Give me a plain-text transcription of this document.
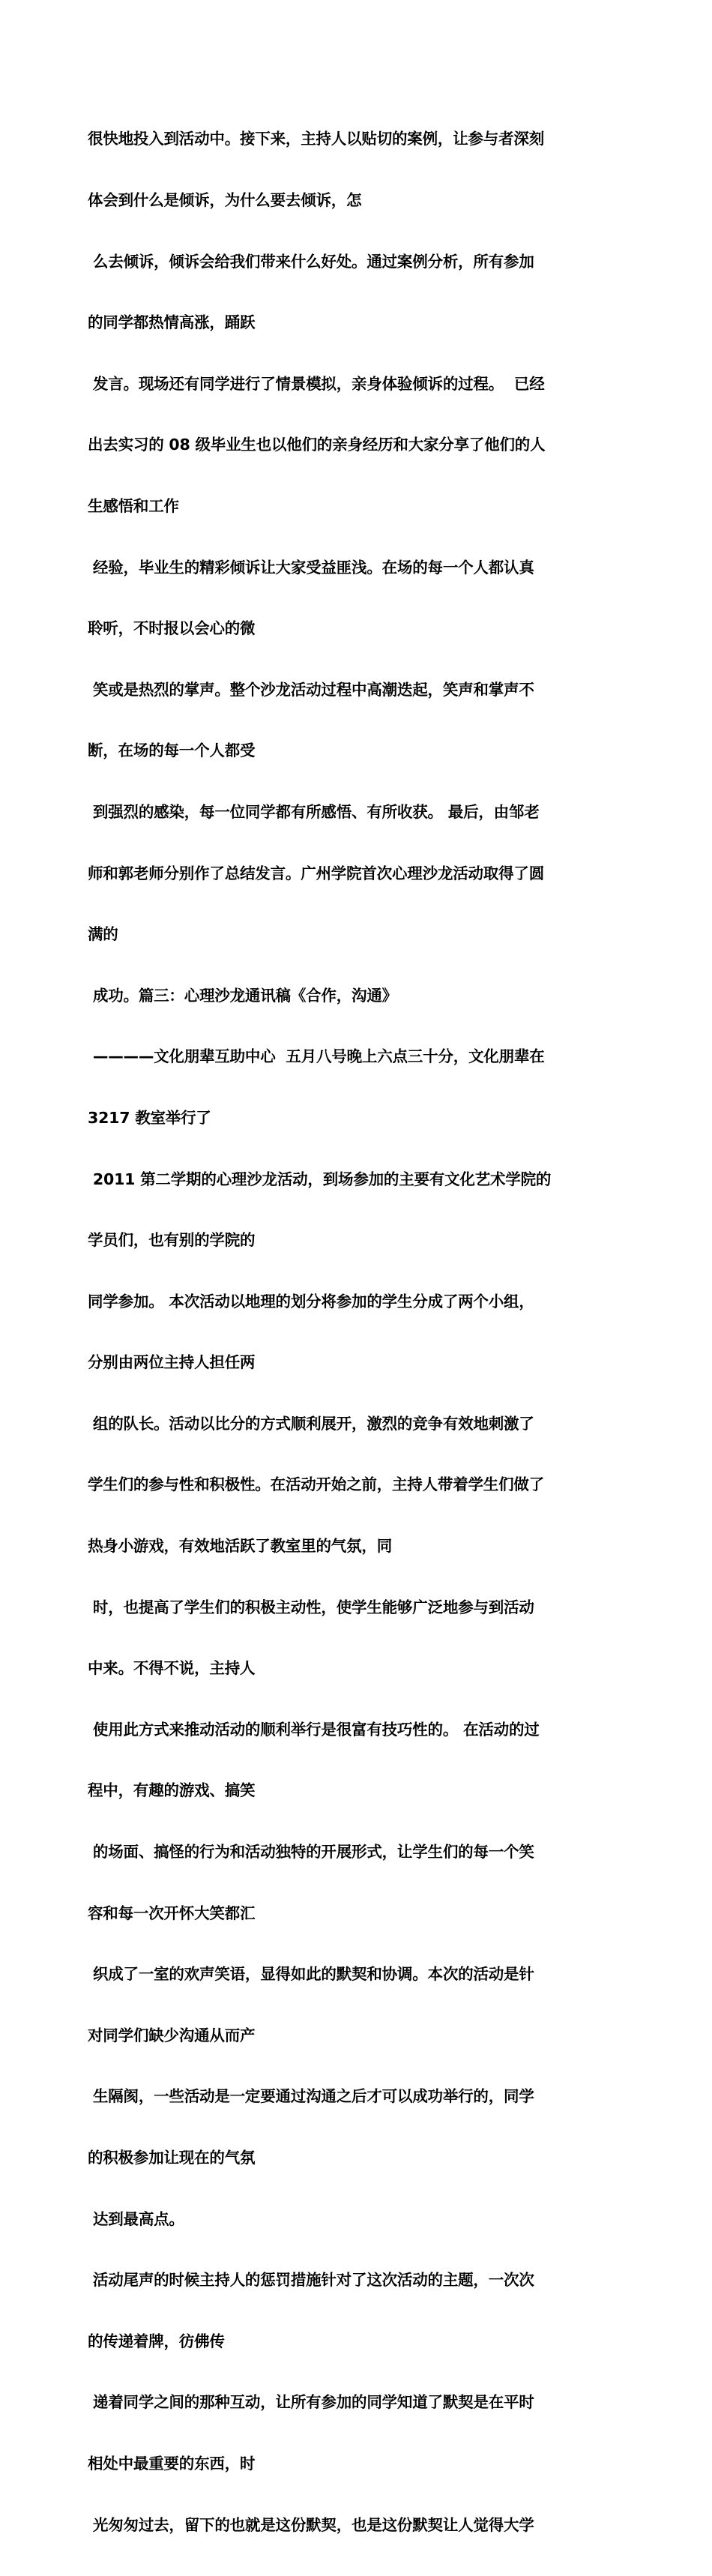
很快地投入到活动中。接下来，主持人以贴切的案例，让参与者深刻

体会到什么是倾诉，为什么要去倾诉，怎

么去倾诉，倾诉会给我们带来什么好处。通过案例分析，所有参加

的同学都热情高涨，踊跃

发言。现场还有同学进行了情景模拟，亲身体验倾诉的过程。  已经

出去实习的 08 级毕业生也以他们的亲身经历和大家分享了他们的人

生感悟和工作

经验，毕业生的精彩倾诉让大家受益匪浅。在场的每一个人都认真

聆听，不时报以会心的微

笑或是热烈的掌声。整个沙龙活动过程中高潮迭起，笑声和掌声不

断，在场的每一个人都受

到强烈的感染，每一位同学都有所感悟、有所收获。 最后，由邹老

师和郭老师分别作了总结发言。广州学院首次心理沙龙活动取得了圆

满的

成功。篇三：心理沙龙通讯稿《合作，沟通》

————文化朋辈互助中心  五月八号晚上六点三十分，文化朋辈在

3217 教室举行了

2011 第二学期的心理沙龙活动，到场参加的主要有文化艺术学院的

学员们，也有别的学院的

同学参加。 本次活动以地理的划分将参加的学生分成了两个小组，

分别由两位主持人担任两

组的队长。活动以比分的方式顺利展开，激烈的竞争有效地刺激了

学生们的参与性和积极性。在活动开始之前，主持人带着学生们做了

热身小游戏，有效地活跃了教室里的气氛，同

时，也提高了学生们的积极主动性，使学生能够广泛地参与到活动

中来。不得不说，主持人

使用此方式来推动活动的顺利举行是很富有技巧性的。 在活动的过

程中，有趣的游戏、搞笑

的场面、搞怪的行为和活动独特的开展形式，让学生们的每一个笑

容和每一次开怀大笑都汇

织成了一室的欢声笑语，显得如此的默契和协调。本次的活动是针

对同学们缺少沟通从而产

生隔阂，一些活动是一定要通过沟通之后才可以成功举行的，同学

的积极参加让现在的气氛

达到最高点。

活动尾声的时候主持人的惩罚措施针对了这次活动的主题，一次次

的传递着牌，彷佛传

递着同学之间的那种互动，让所有参加的同学知道了默契是在平时

相处中最重要的东西，时

光匆匆过去，留下的也就是这份默契，也是这份默契让人觉得大学
